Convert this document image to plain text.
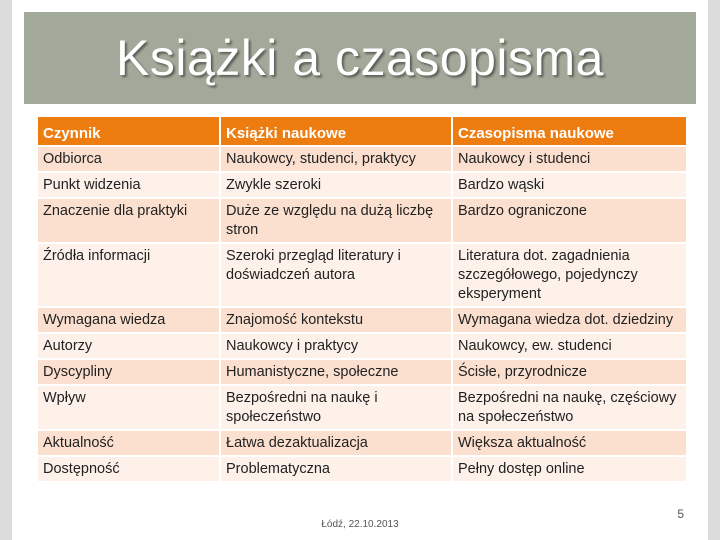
Książki a czasopisma
Czynnik	Książki naukowe	Czasopisma naukowe
Odbiorca	Naukowcy, studenci, praktycy	Naukowcy i studenci
Punkt widzenia	Zwykle szeroki	Bardzo wąski
Znaczenie dla praktyki	Duże ze względu na dużą liczbę stron	Bardzo ograniczone
Źródła informacji	Szeroki przegląd literatury i doświadczeń autora	Literatura dot. zagadnienia szczegółowego, pojedynczy eksperyment
Wymagana wiedza	Znajomość kontekstu	Wymagana wiedza dot. dziedziny
Autorzy	Naukowcy i praktycy	Naukowcy, ew. studenci
Dyscypliny	Humanistyczne, społeczne	Ścisłe, przyrodnicze
Wpływ	Bezpośredni na naukę i społeczeństwo	Bezpośredni na naukę, częściowy na społeczeństwo
Aktualność	Łatwa dezaktualizacja	Większa aktualność
Dostępność	Problematyczna	Pełny dostęp online
Łódź, 22.10.2013
5
